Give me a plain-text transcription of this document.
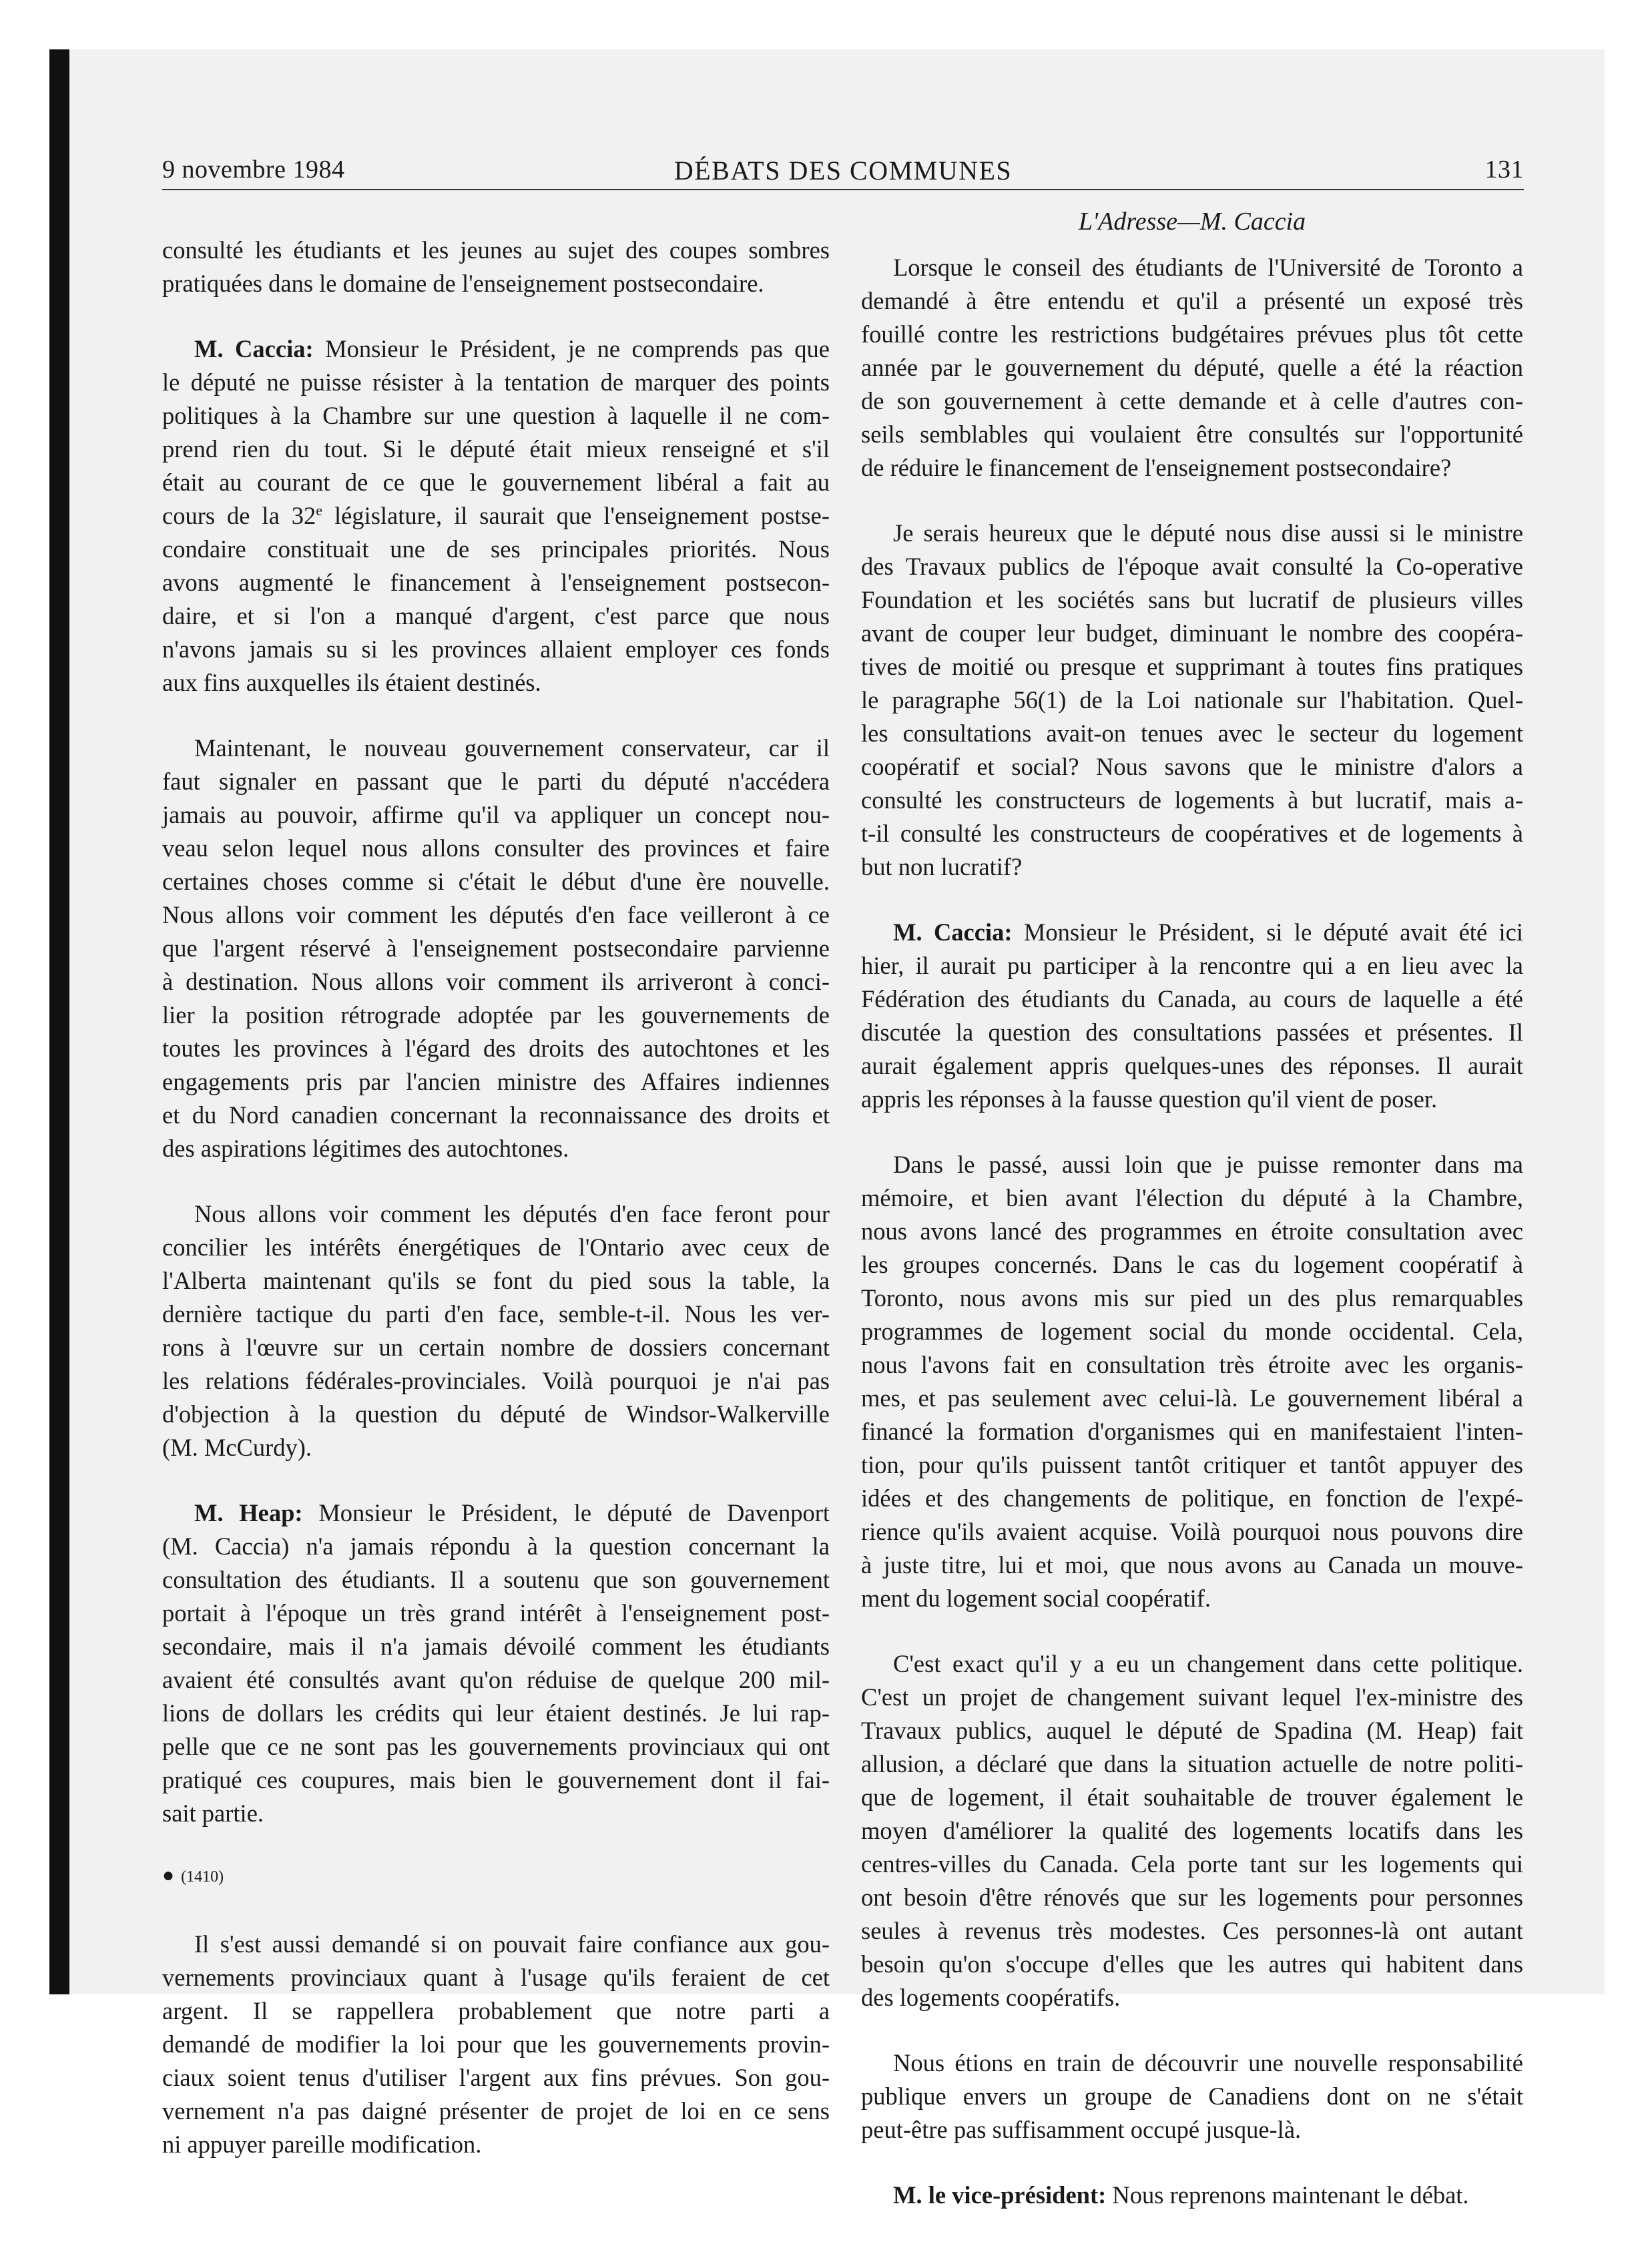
9 novembre 1984	DÉBATS DES COMMUNES	131
consulté les étudiants et les jeunes au sujet des coupes sombres
pratiquées dans le domaine de l'enseignement postsecondaire.
M. Caccia: Monsieur le Président, je ne comprends pas que
le député ne puisse résister à la tentation de marquer des points
politiques à la Chambre sur une question à laquelle il ne com-
prend rien du tout. Si le député était mieux renseigné et s'il
était au courant de ce que le gouvernement libéral a fait au
cours de la 32e législature, il saurait que l'enseignement postse-
condaire constituait une de ses principales priorités. Nous
avons augmenté le financement à l'enseignement postsecon-
daire, et si l'on a manqué d'argent, c'est parce que nous
n'avons jamais su si les provinces allaient employer ces fonds
aux fins auxquelles ils étaient destinés.
Maintenant, le nouveau gouvernement conservateur, car il
faut signaler en passant que le parti du député n'accédera
jamais au pouvoir, affirme qu'il va appliquer un concept nou-
veau selon lequel nous allons consulter des provinces et faire
certaines choses comme si c'était le début d'une ère nouvelle.
Nous allons voir comment les députés d'en face veilleront à ce
que l'argent réservé à l'enseignement postsecondaire parvienne
à destination. Nous allons voir comment ils arriveront à conci-
lier la position rétrograde adoptée par les gouvernements de
toutes les provinces à l'égard des droits des autochtones et les
engagements pris par l'ancien ministre des Affaires indiennes
et du Nord canadien concernant la reconnaissance des droits et
des aspirations légitimes des autochtones.
Nous allons voir comment les députés d'en face feront pour
concilier les intérêts énergétiques de l'Ontario avec ceux de
l'Alberta maintenant qu'ils se font du pied sous la table, la
dernière tactique du parti d'en face, semble-t-il. Nous les ver-
rons à l'œuvre sur un certain nombre de dossiers concernant
les relations fédérales-provinciales. Voilà pourquoi je n'ai pas
d'objection à la question du député de Windsor-Walkerville
(M. McCurdy).
M. Heap: Monsieur le Président, le député de Davenport
(M. Caccia) n'a jamais répondu à la question concernant la
consultation des étudiants. Il a soutenu que son gouvernement
portait à l'époque un très grand intérêt à l'enseignement post-
secondaire, mais il n'a jamais dévoilé comment les étudiants
avaient été consultés avant qu'on réduise de quelque 200 mil-
lions de dollars les crédits qui leur étaient destinés. Je lui rap-
pelle que ce ne sont pas les gouvernements provinciaux qui ont
pratiqué ces coupures, mais bien le gouvernement dont il fai-
sait partie.
● (1410)
Il s'est aussi demandé si on pouvait faire confiance aux gou-
vernements provinciaux quant à l'usage qu'ils feraient de cet
argent. Il se rappellera probablement que notre parti a
demandé de modifier la loi pour que les gouvernements provin-
ciaux soient tenus d'utiliser l'argent aux fins prévues. Son gou-
vernement n'a pas daigné présenter de projet de loi en ce sens
ni appuyer pareille modification.
L'Adresse—M. Caccia
Lorsque le conseil des étudiants de l'Université de Toronto a
demandé à être entendu et qu'il a présenté un exposé très
fouillé contre les restrictions budgétaires prévues plus tôt cette
année par le gouvernement du député, quelle a été la réaction
de son gouvernement à cette demande et à celle d'autres con-
seils semblables qui voulaient être consultés sur l'opportunité
de réduire le financement de l'enseignement postsecondaire?
Je serais heureux que le député nous dise aussi si le ministre
des Travaux publics de l'époque avait consulté la Co-operative
Foundation et les sociétés sans but lucratif de plusieurs villes
avant de couper leur budget, diminuant le nombre des coopéra-
tives de moitié ou presque et supprimant à toutes fins pratiques
le paragraphe 56(1) de la Loi nationale sur l'habitation. Quel-
les consultations avait-on tenues avec le secteur du logement
coopératif et social? Nous savons que le ministre d'alors a
consulté les constructeurs de logements à but lucratif, mais a-
t-il consulté les constructeurs de coopératives et de logements à
but non lucratif?
M. Caccia: Monsieur le Président, si le député avait été ici
hier, il aurait pu participer à la rencontre qui a en lieu avec la
Fédération des étudiants du Canada, au cours de laquelle a été
discutée la question des consultations passées et présentes. Il
aurait également appris quelques-unes des réponses. Il aurait
appris les réponses à la fausse question qu'il vient de poser.
Dans le passé, aussi loin que je puisse remonter dans ma
mémoire, et bien avant l'élection du député à la Chambre,
nous avons lancé des programmes en étroite consultation avec
les groupes concernés. Dans le cas du logement coopératif à
Toronto, nous avons mis sur pied un des plus remarquables
programmes de logement social du monde occidental. Cela,
nous l'avons fait en consultation très étroite avec les organis-
mes, et pas seulement avec celui-là. Le gouvernement libéral a
financé la formation d'organismes qui en manifestaient l'inten-
tion, pour qu'ils puissent tantôt critiquer et tantôt appuyer des
idées et des changements de politique, en fonction de l'expé-
rience qu'ils avaient acquise. Voilà pourquoi nous pouvons dire
à juste titre, lui et moi, que nous avons au Canada un mouve-
ment du logement social coopératif.
C'est exact qu'il y a eu un changement dans cette politique.
C'est un projet de changement suivant lequel l'ex-ministre des
Travaux publics, auquel le député de Spadina (M. Heap) fait
allusion, a déclaré que dans la situation actuelle de notre politi-
que de logement, il était souhaitable de trouver également le
moyen d'améliorer la qualité des logements locatifs dans les
centres-villes du Canada. Cela porte tant sur les logements qui
ont besoin d'être rénovés que sur les logements pour personnes
seules à revenus très modestes. Ces personnes-là ont autant
besoin qu'on s'occupe d'elles que les autres qui habitent dans
des logements coopératifs.
Nous étions en train de découvrir une nouvelle responsabilité
publique envers un groupe de Canadiens dont on ne s'était
peut-être pas suffisamment occupé jusque-là.
M. le vice-président: Nous reprenons maintenant le débat.
